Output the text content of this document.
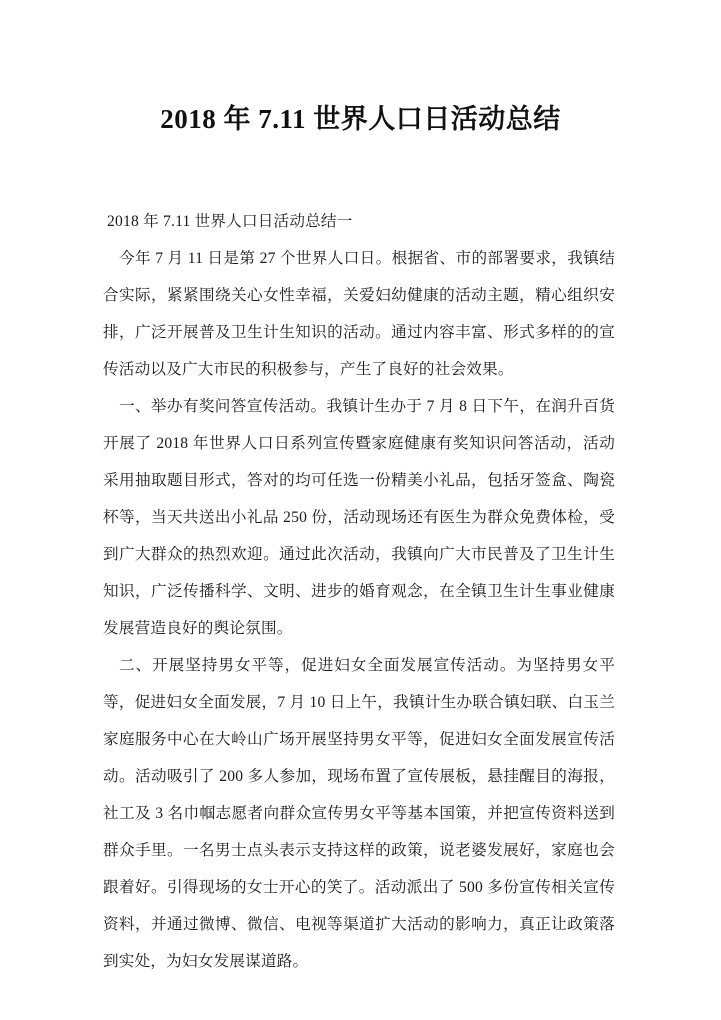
2018 年 7.11 世界人口日活动总结

2018 年 7.11 世界人口日活动总结一

今年 7 月 11 日是第 27 个世界人口日。根据省、市的部署要求，我镇结合实际，紧紧围绕关心女性幸福，关爱妇幼健康的活动主题，精心组织安排，广泛开展普及卫生计生知识的活动。通过内容丰富、形式多样的的宣传活动以及广大市民的积极参与，产生了良好的社会效果。

一、举办有奖问答宣传活动。我镇计生办于 7 月 8 日下午，在润升百货开展了 2018 年世界人口日系列宣传暨家庭健康有奖知识问答活动，活动采用抽取题目形式，答对的均可任选一份精美小礼品，包括牙签盒、陶瓷杯等，当天共送出小礼品 250 份，活动现场还有医生为群众免费体检，受到广大群众的热烈欢迎。通过此次活动，我镇向广大市民普及了卫生计生知识，广泛传播科学、文明、进步的婚育观念，在全镇卫生计生事业健康发展营造良好的舆论氛围。

二、开展坚持男女平等，促进妇女全面发展宣传活动。为坚持男女平等，促进妇女全面发展，7 月 10 日上午，我镇计生办联合镇妇联、白玉兰家庭服务中心在大岭山广场开展坚持男女平等，促进妇女全面发展宣传活动。活动吸引了 200 多人参加，现场布置了宣传展板，悬挂醒目的海报，社工及 3 名巾帼志愿者向群众宣传男女平等基本国策，并把宣传资料送到群众手里。一名男士点头表示支持这样的政策，说老婆发展好，家庭也会跟着好。引得现场的女士开心的笑了。活动派出了 500 多份宣传相关宣传资料，并通过微博、微信、电视等渠道扩大活动的影响力，真正让政策落到实处，为妇女发展谋道路。
